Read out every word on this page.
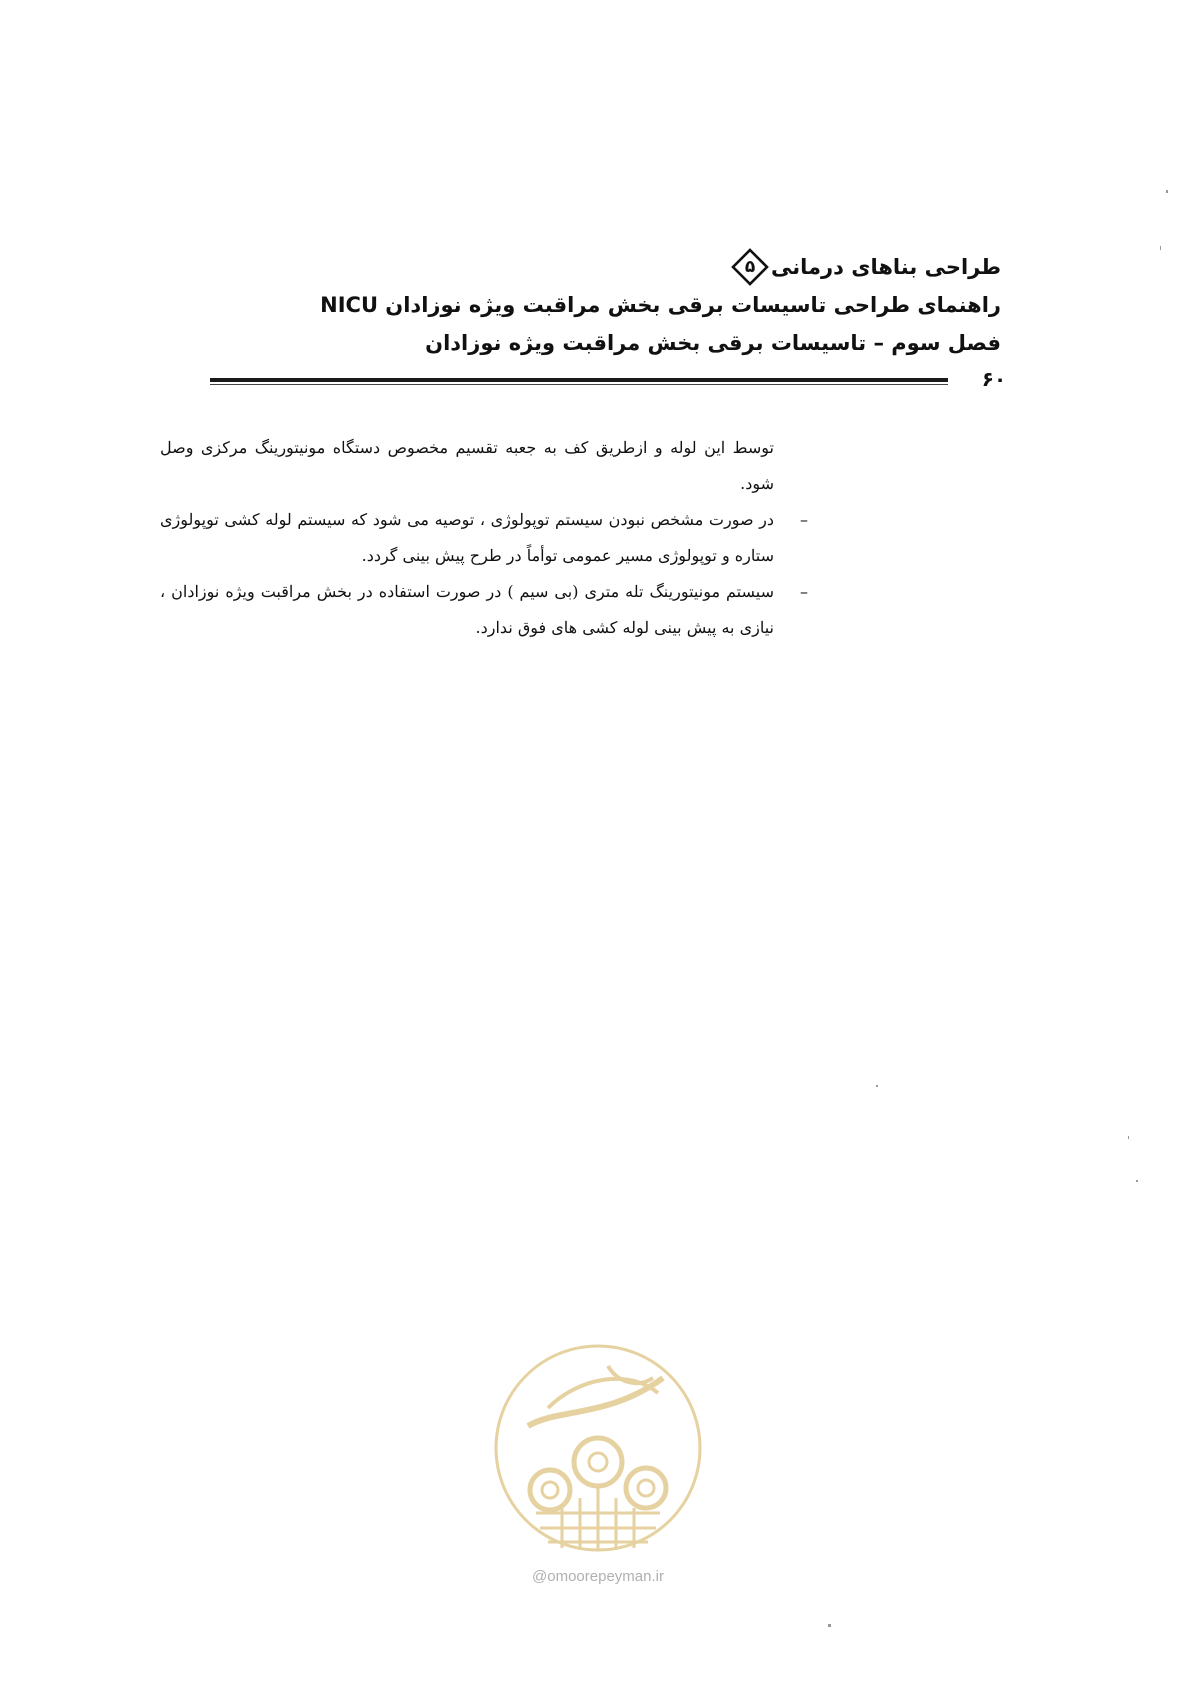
طراحی بناهای درمانی
۵
راهنمای طراحی تاسیسات برقی بخش مراقبت ویژه نوزادان NICU
فصل سوم – تاسیسات برقی بخش مراقبت ویژه نوزادان
۶۰

توسط این لوله و ازطریق کف به جعبه تقسیم مخصوص دستگاه مونیتورینگ مرکزی وصل شود.

–
در صورت مشخص نبودن سیستم توپولوژی ، توصیه می شود که سیستم لوله کشی توپولوژی ستاره و توپولوژی مسیر عمومی توأماً در طرح پیش بینی گردد.
–
سیستم مونیتورینگ تله متری (بی سیم ) در صورت استفاده در بخش مراقبت ویژه نوزادان ، نیازی به پیش بینی لوله کشی های فوق ندارد.
@omoorepeyman.ir
